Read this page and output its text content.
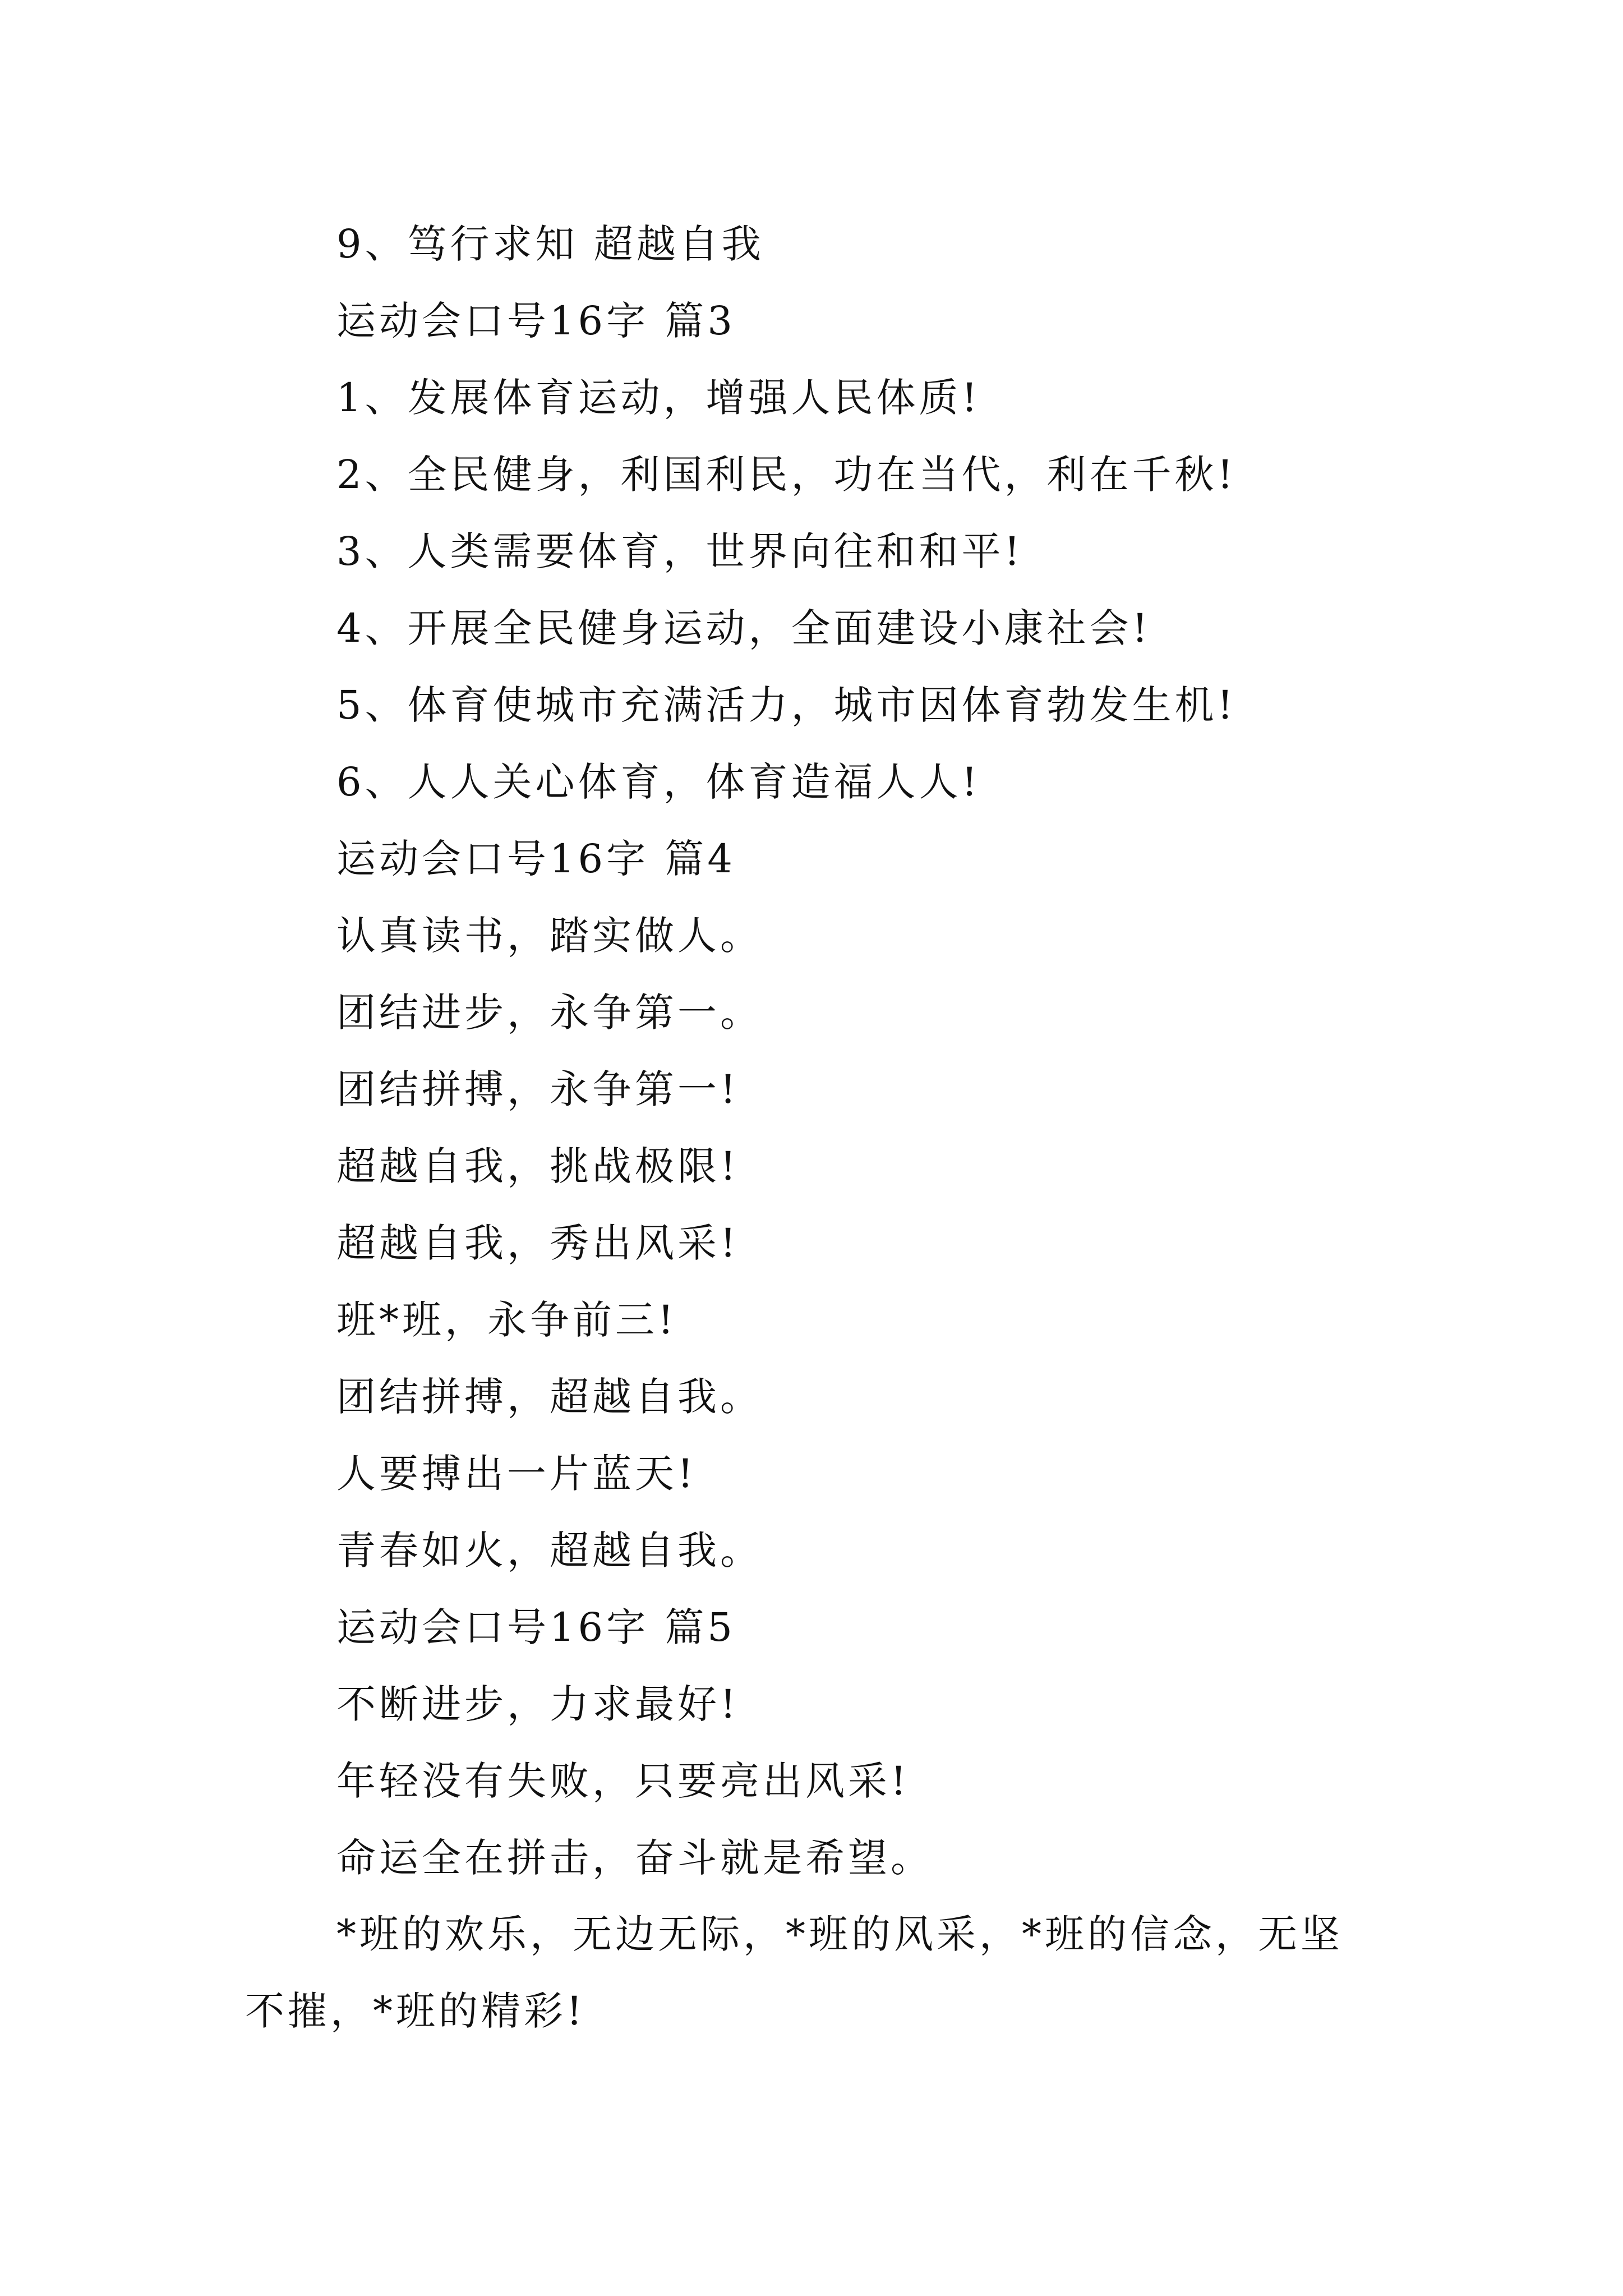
9、笃行求知 超越自我
运动会口号16字 篇3
1、发展体育运动，增强人民体质!
2、全民健身，利国利民，功在当代，利在千秋!
3、人类需要体育，世界向往和和平!
4、开展全民健身运动，全面建设小康社会!
5、体育使城市充满活力，城市因体育勃发生机!
6、人人关心体育，体育造福人人!
运动会口号16字 篇4
认真读书，踏实做人。
团结进步，永争第一。
团结拼搏，永争第一!
超越自我，挑战极限!
超越自我，秀出风采!
班*班，永争前三!
团结拼搏，超越自我。
人要搏出一片蓝天!
青春如火，超越自我。
运动会口号16字 篇5
不断进步，力求最好!
年轻没有失败，只要亮出风采!
命运全在拼击，奋斗就是希望。
*班的欢乐，无边无际，*班的风采，*班的信念，无坚不摧，*班的精彩!
